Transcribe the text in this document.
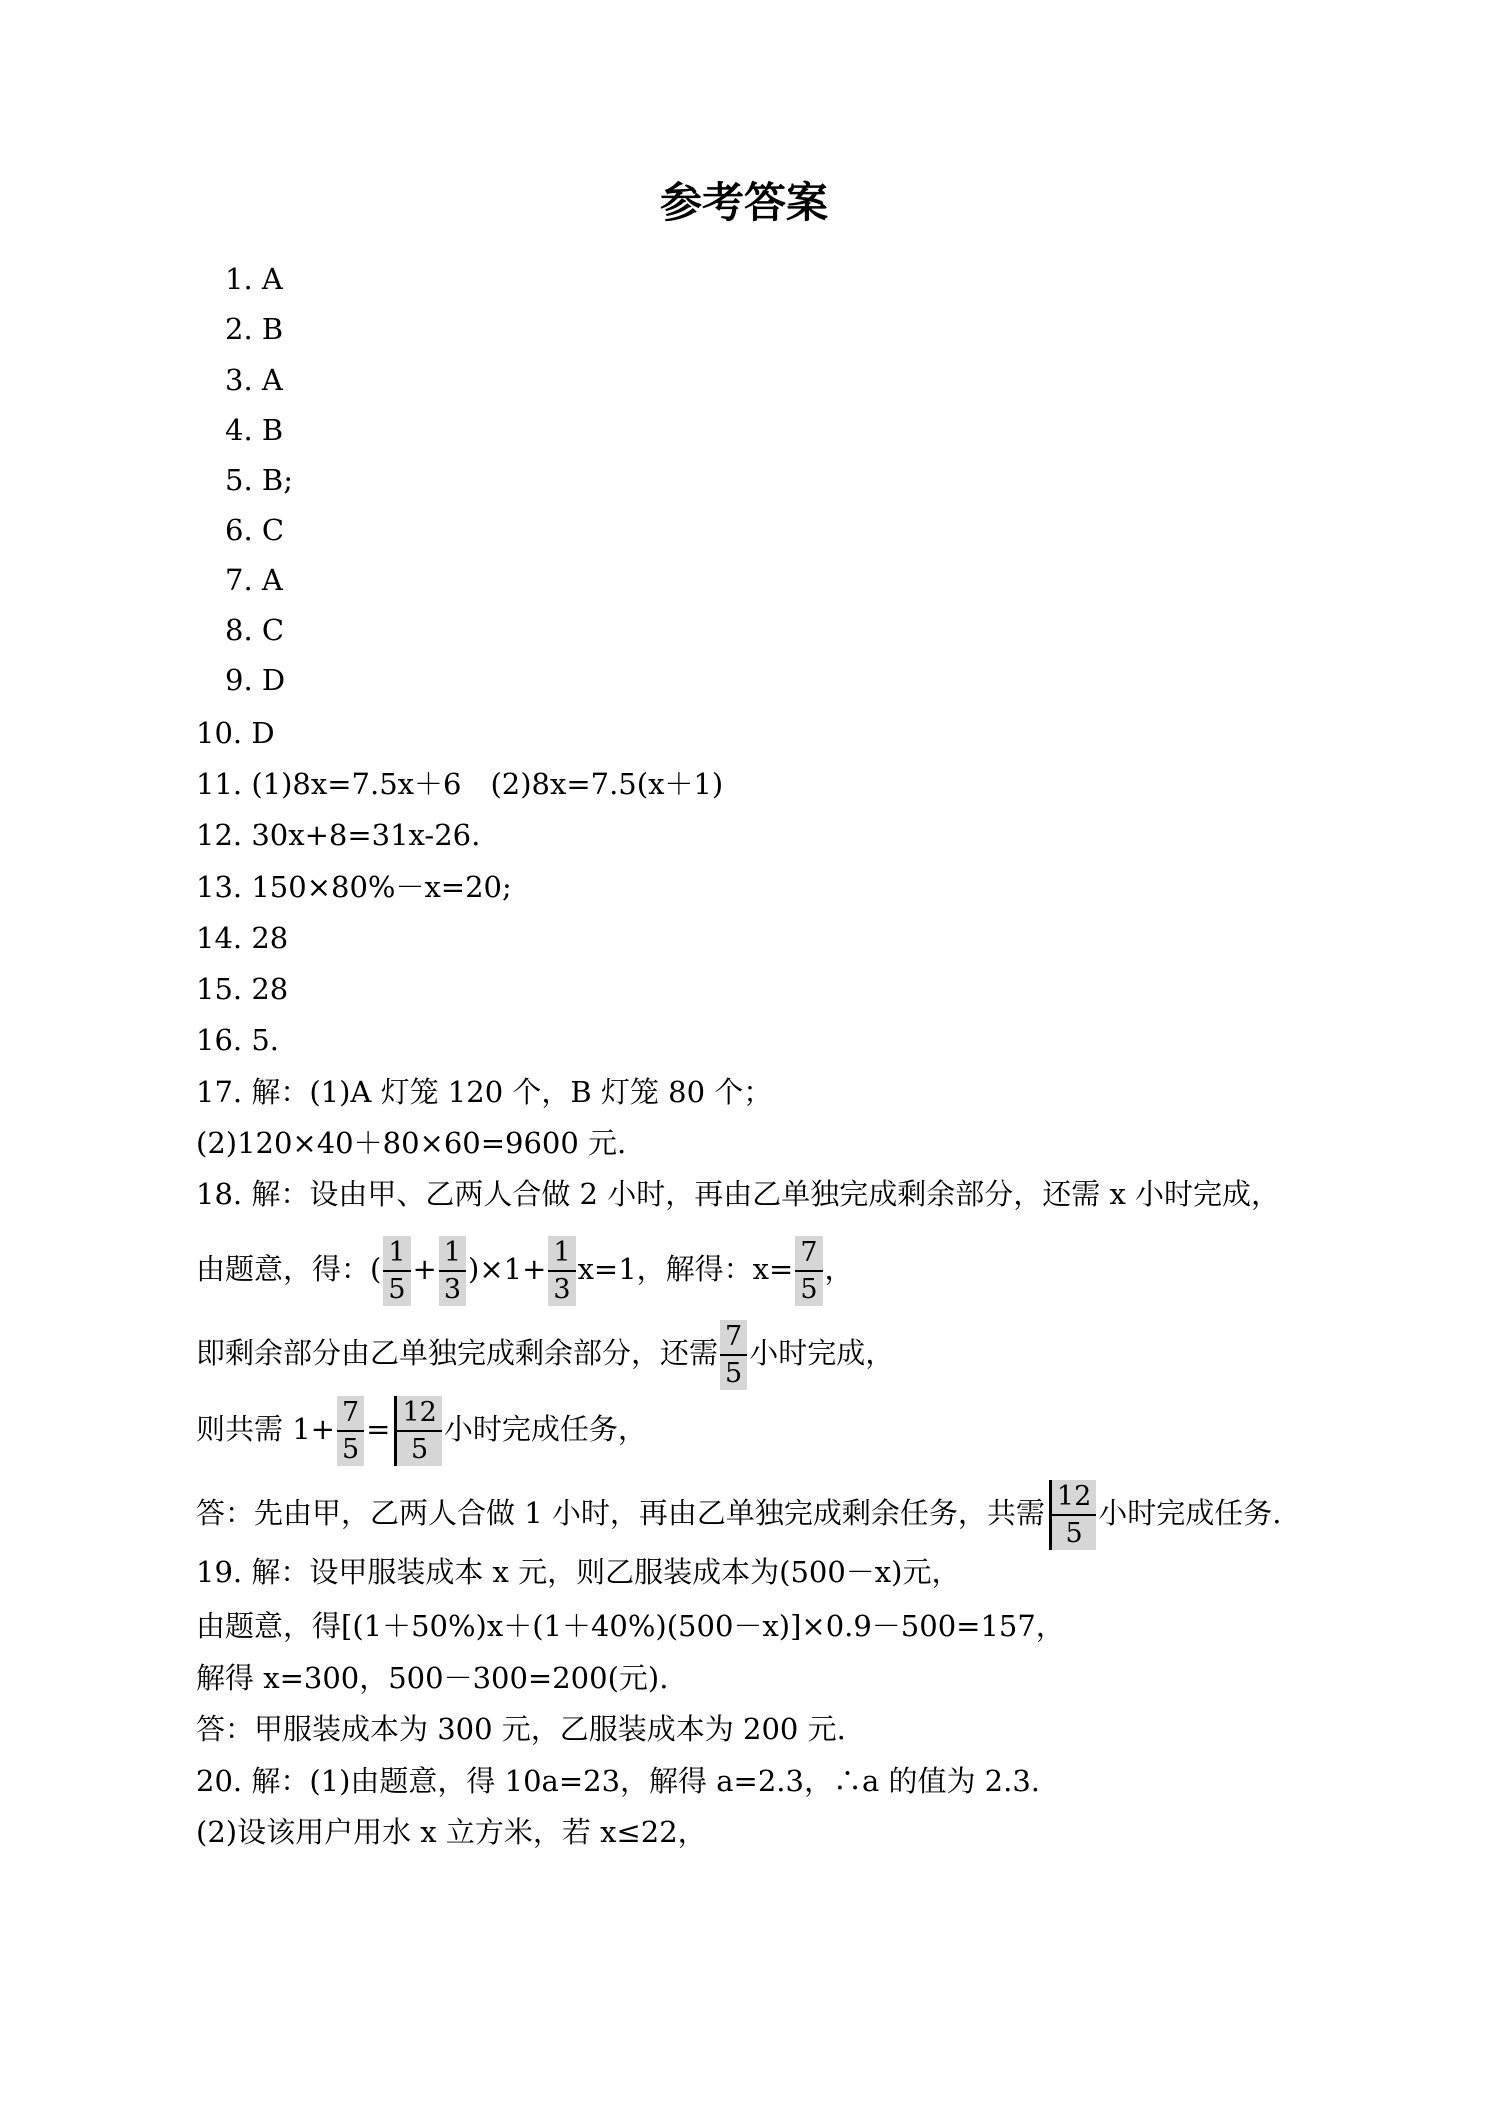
参考答案
1. A
2. B
3. A
4. B
5. B;
6. C
7. A
8. C
9. D
10. D
11. (1)8x=7.5x＋6　(2)8x=7.5(x＋1)
12. 30x+8=31x-26.
13. 150×80%－x=20;
14. 28
15. 28
16. 5.
17. 解：(1)A 灯笼 120 个，B 灯笼 80 个；
(2)120×40＋80×60=9600 元.
18. 解：设由甲、乙两人合做 2 小时，再由乙单独完成剩余部分，还需 x 小时完成，
由题意，得：( $\frac{1}{5} + \frac{1}{3} )\times 1+ \frac{1}{3} x=1$，解得：$x= \frac{7}{5}$ ，
即剩余部分由乙单独完成剩余部分，还需 $\frac{7}{5}$ 小时完成，
则共需 $1+ \frac{7}{5} = \frac{12}{5}$ 小时完成任务，
答：先由甲，乙两人合做 1 小时，再由乙单独完成剩余任务，共需 $\frac{12}{5}$ 小时完成任务.
19. 解：设甲服装成本 x 元，则乙服装成本为(500－x)元，
由题意，得[(1＋50%)x＋(1＋40%)(500－x)]×0.9－500=157，
解得 x=300，500－300=200(元).
答：甲服装成本为 300 元，乙服装成本为 200 元.
20. 解：(1)由题意，得 10a=23，解得 a=2.3，∴a 的值为 2.3.
(2)设该用户用水 x 立方米，若 x≤22，
